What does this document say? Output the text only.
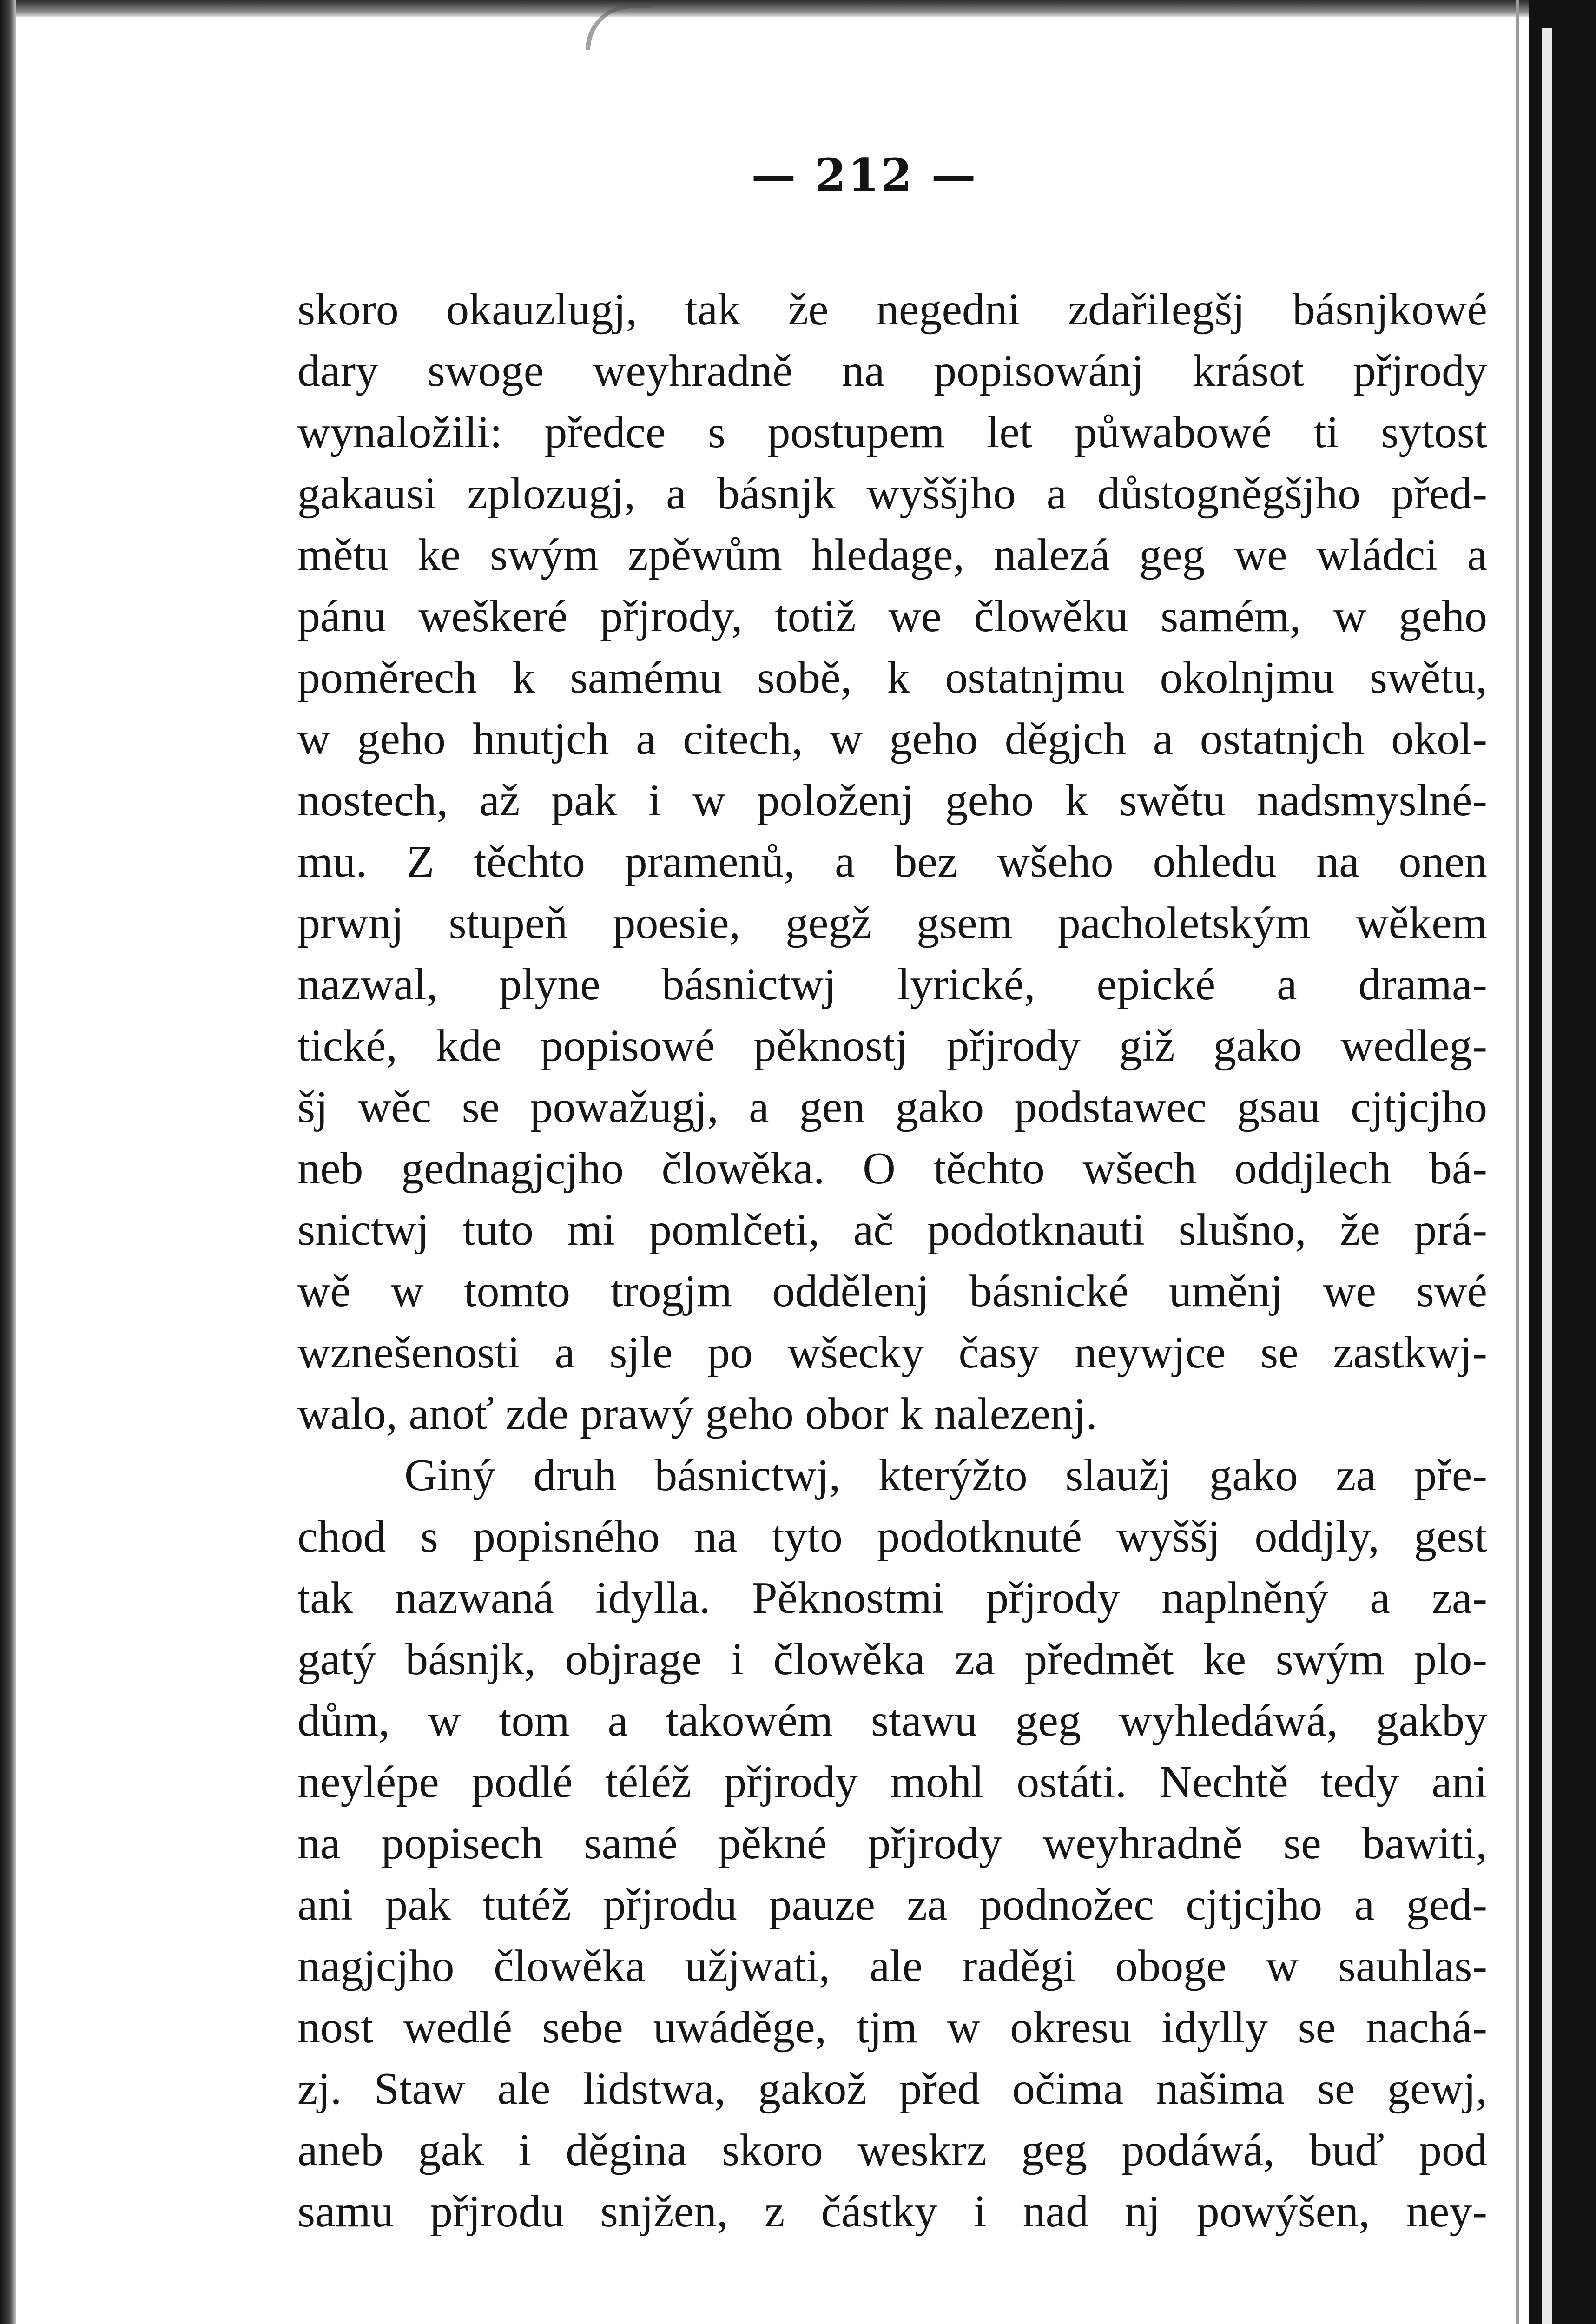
— 212 —
skoro okauzlugj, tak že negedni zdařilegšj básnjkowé
dary swoge weyhradně na popisowánj krásot přjrody
wynaložili: předce s postupem let půwabowé ti sytost
gakausi zplozugj, a básnjk wyššjho a důstogněgšjho před-
mětu ke swým zpěwům hledage, nalezá geg we wládci a
pánu weškeré přjrody, totiž we člowěku samém, w geho
poměrech k samému sobě, k ostatnjmu okolnjmu swětu,
w geho hnutjch a citech, w geho děgjch a ostatnjch okol-
nostech, až pak i w položenj geho k swětu nadsmyslné-
mu. Z těchto pramenů, a bez wšeho ohledu na onen
prwnj stupeň poesie, gegž gsem pacholetským wěkem
nazwal, plyne básnictwj lyrické, epické a drama-
tické, kde popisowé pěknostj přjrody giž gako wedleg-
šj wěc se powažugj, a gen gako podstawec gsau cjtjcjho
neb gednagjcjho člowěka. O těchto wšech oddjlech bá-
snictwj tuto mi pomlčeti, ač podotknauti slušno, že prá-
wě w tomto trogjm oddělenj básnické uměnj we swé
wznešenosti a sjle po wšecky časy neywjce se zastkwj-
walo, anoť zde prawý geho obor k nalezenj.
Giný druh básnictwj, kterýžto slaužj gako za pře-
chod s popisného na tyto podotknuté wyššj oddjly, gest
tak nazwaná idylla. Pěknostmi přjrody naplněný a za-
gatý básnjk, objrage i člowěka za předmět ke swým plo-
dům, w tom a takowém stawu geg wyhledáwá, gakby
neylépe podlé téléž přjrody mohl ostáti. Nechtě tedy ani
na popisech samé pěkné přjrody weyhradně se bawiti,
ani pak tutéž přjrodu pauze za podnožec cjtjcjho a ged-
nagjcjho člowěka užjwati, ale raděgi oboge w sauhlas-
nost wedlé sebe uwáděge, tjm w okresu idylly se nachá-
zj. Staw ale lidstwa, gakož před očima našima se gewj,
aneb gak i děgina skoro weskrz geg podáwá, buď pod
samu přjrodu snjžen, z částky i nad nj powýšen, ney-
